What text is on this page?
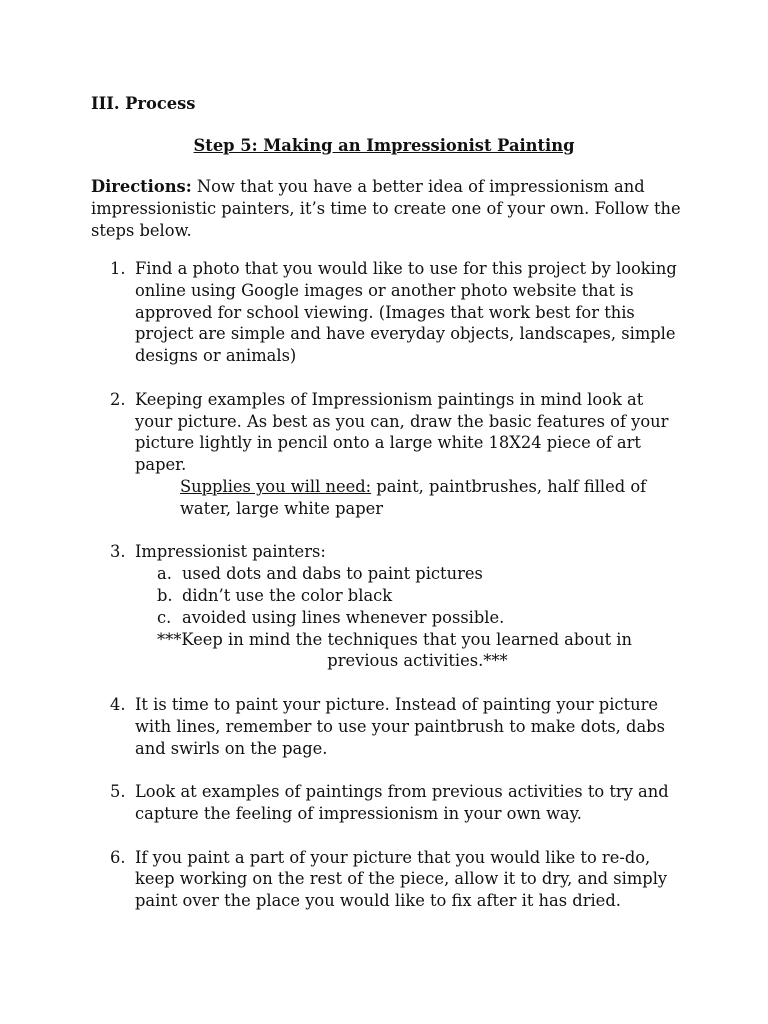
III. Process

Step 5: Making an Impressionist Painting

Directions: Now that you have a better idea of impressionism and impressionistic painters, it’s time to create one of your own. Follow the steps below.

1. Find a photo that you would like to use for this project by looking online using Google images or another photo website that is approved for school viewing. (Images that work best for this project are simple and have everyday objects, landscapes, simple designs or animals)
2. Keeping examples of Impressionism paintings in mind look at your picture. As best as you can, draw the basic features of your picture lightly in pencil onto a large white 18X24 piece of art paper.
Supplies you will need: paint, paintbrushes, half filled of water, large white paper
3. Impressionist painters:
a. used dots and dabs to paint pictures
b. didn’t use the color black
c. avoided using lines whenever possible.
***Keep in mind the techniques that you learned about in
previous activities.***
4. It is time to paint your picture. Instead of painting your picture with lines, remember to use your paintbrush to make dots, dabs and swirls on the page.
5. Look at examples of paintings from previous activities to try and capture the feeling of impressionism in your own way.
6. If you paint a part of your picture that you would like to re-do, keep working on the rest of the piece, allow it to dry, and simply paint over the place you would like to fix after it has dried.
